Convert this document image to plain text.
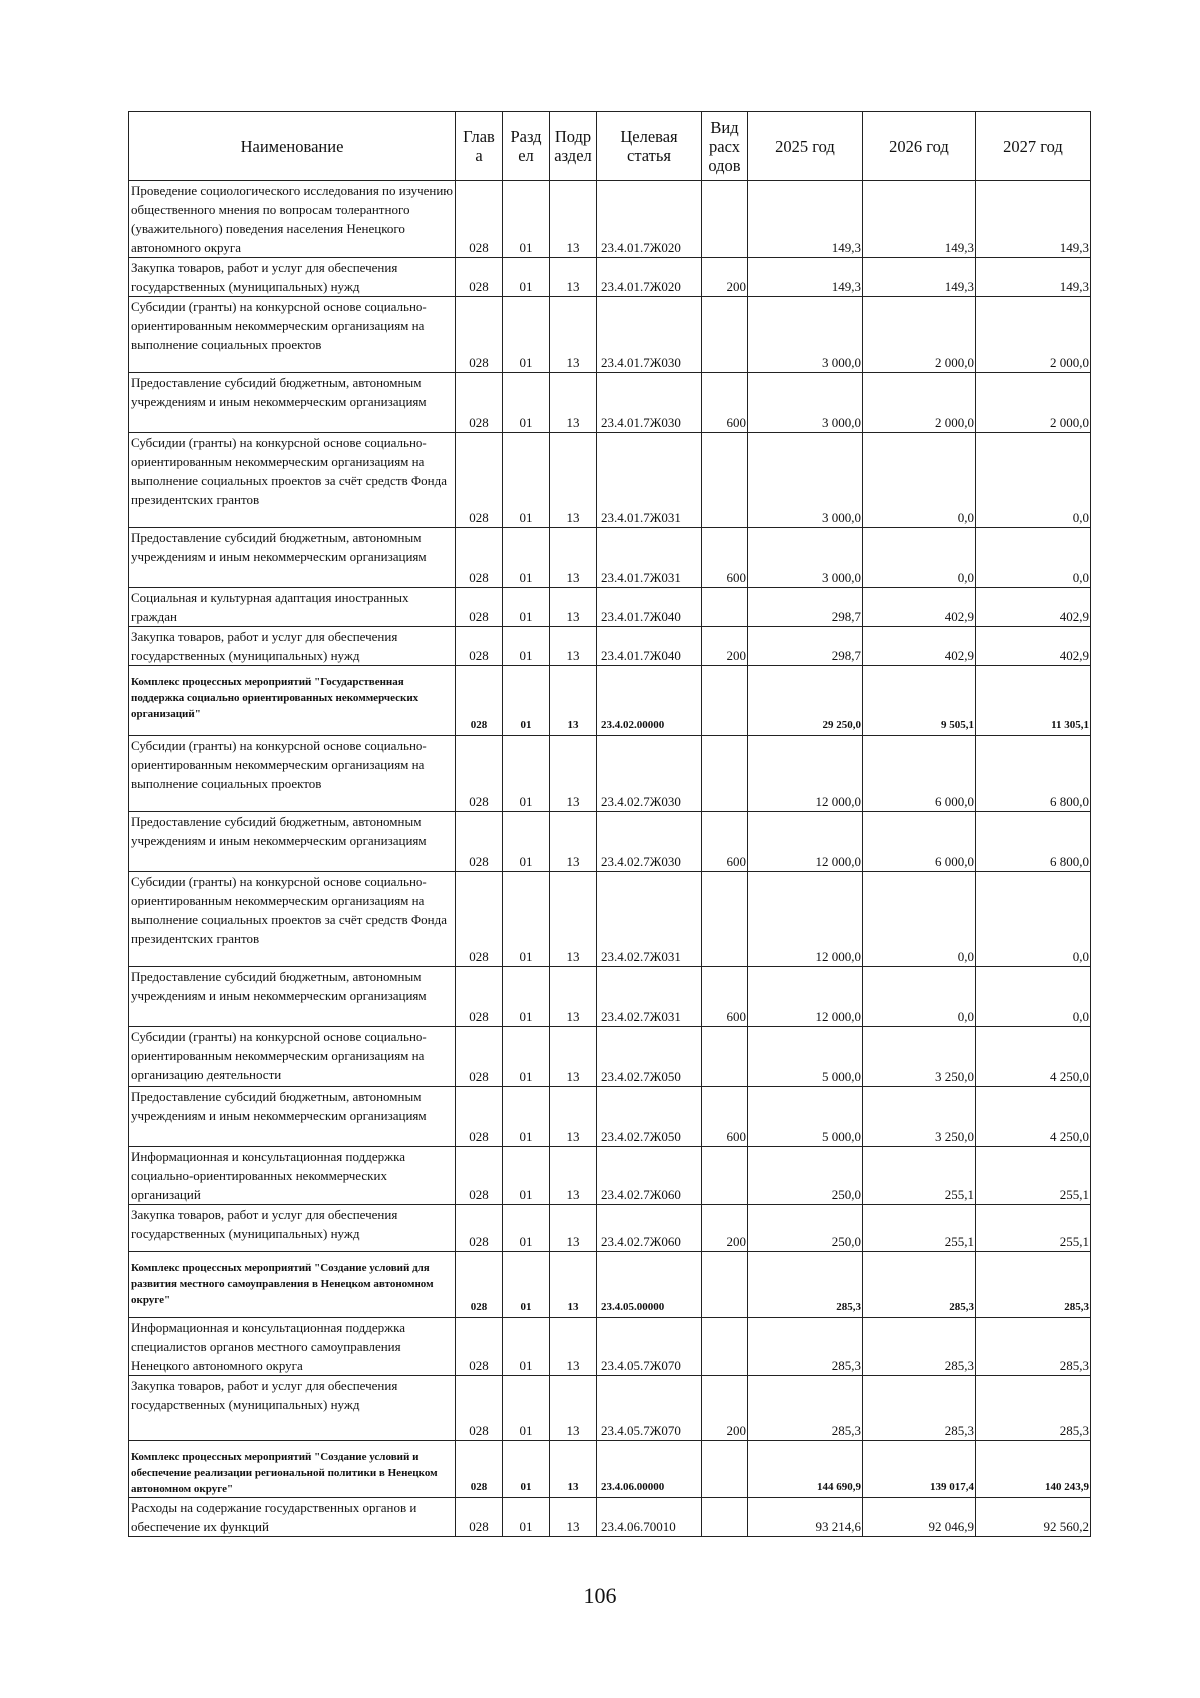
Наименование	Глав а	Разд ел	Подр аздел	Целевая статья	Вид расх одов	2025 год	2026 год	2027 год
Проведение социологического исследования по изучению общественного мнения по вопросам толерантного (уважительного) поведения населения Ненецкого автономного округа	028	01	13	23.4.01.7Ж020		149,3	149,3	149,3
Закупка товаров, работ и услуг для обеспечения государственных (муниципальных) нужд	028	01	13	23.4.01.7Ж020	200	149,3	149,3	149,3
Субсидии (гранты) на конкурсной основе социально-ориентированным некоммерческим организациям на выполнение социальных проектов	028	01	13	23.4.01.7Ж030		3 000,0	2 000,0	2 000,0
Предоставление субсидий бюджетным, автономным учреждениям и иным некоммерческим организациям	028	01	13	23.4.01.7Ж030	600	3 000,0	2 000,0	2 000,0
Субсидии (гранты) на конкурсной основе социально-ориентированным некоммерческим организациям на выполнение социальных проектов за счёт средств Фонда президентских грантов	028	01	13	23.4.01.7Ж031		3 000,0	0,0	0,0
Предоставление субсидий бюджетным, автономным учреждениям и иным некоммерческим организациям	028	01	13	23.4.01.7Ж031	600	3 000,0	0,0	0,0
Социальная и культурная адаптация иностранных граждан	028	01	13	23.4.01.7Ж040		298,7	402,9	402,9
Закупка товаров, работ и услуг для обеспечения государственных (муниципальных) нужд	028	01	13	23.4.01.7Ж040	200	298,7	402,9	402,9
Комплекс процессных мероприятий "Государственная поддержка социально ориентированных некоммерческих организаций"	028	01	13	23.4.02.00000		29 250,0	9 505,1	11 305,1
Субсидии (гранты) на конкурсной основе социально-ориентированным некоммерческим организациям на выполнение социальных проектов	028	01	13	23.4.02.7Ж030		12 000,0	6 000,0	6 800,0
Предоставление субсидий бюджетным, автономным учреждениям и иным некоммерческим организациям	028	01	13	23.4.02.7Ж030	600	12 000,0	6 000,0	6 800,0
Субсидии (гранты) на конкурсной основе социально-ориентированным некоммерческим организациям на выполнение социальных проектов за счёт средств Фонда президентских грантов	028	01	13	23.4.02.7Ж031		12 000,0	0,0	0,0
Предоставление субсидий бюджетным, автономным учреждениям и иным некоммерческим организациям	028	01	13	23.4.02.7Ж031	600	12 000,0	0,0	0,0
Субсидии (гранты) на конкурсной основе социально-ориентированным некоммерческим организациям на организацию деятельности	028	01	13	23.4.02.7Ж050		5 000,0	3 250,0	4 250,0
Предоставление субсидий бюджетным, автономным учреждениям и иным некоммерческим организациям	028	01	13	23.4.02.7Ж050	600	5 000,0	3 250,0	4 250,0
Информационная и консультационная поддержка социально-ориентированных некоммерческих организаций	028	01	13	23.4.02.7Ж060		250,0	255,1	255,1
Закупка товаров, работ и услуг для обеспечения государственных (муниципальных) нужд	028	01	13	23.4.02.7Ж060	200	250,0	255,1	255,1
Комплекс процессных мероприятий "Создание условий для развития местного самоуправления в Ненецком автономном округе"	028	01	13	23.4.05.00000		285,3	285,3	285,3
Информационная и консультационная поддержка специалистов органов местного самоуправления Ненецкого автономного округа	028	01	13	23.4.05.7Ж070		285,3	285,3	285,3
Закупка товаров, работ и услуг для обеспечения государственных (муниципальных) нужд	028	01	13	23.4.05.7Ж070	200	285,3	285,3	285,3
Комплекс процессных мероприятий "Создание условий и обеспечение реализации региональной политики в Ненецком автономном округе"	028	01	13	23.4.06.00000		144 690,9	139 017,4	140 243,9
Расходы на содержание государственных органов и обеспечение их функций	028	01	13	23.4.06.70010		93 214,6	92 046,9	92 560,2
106
